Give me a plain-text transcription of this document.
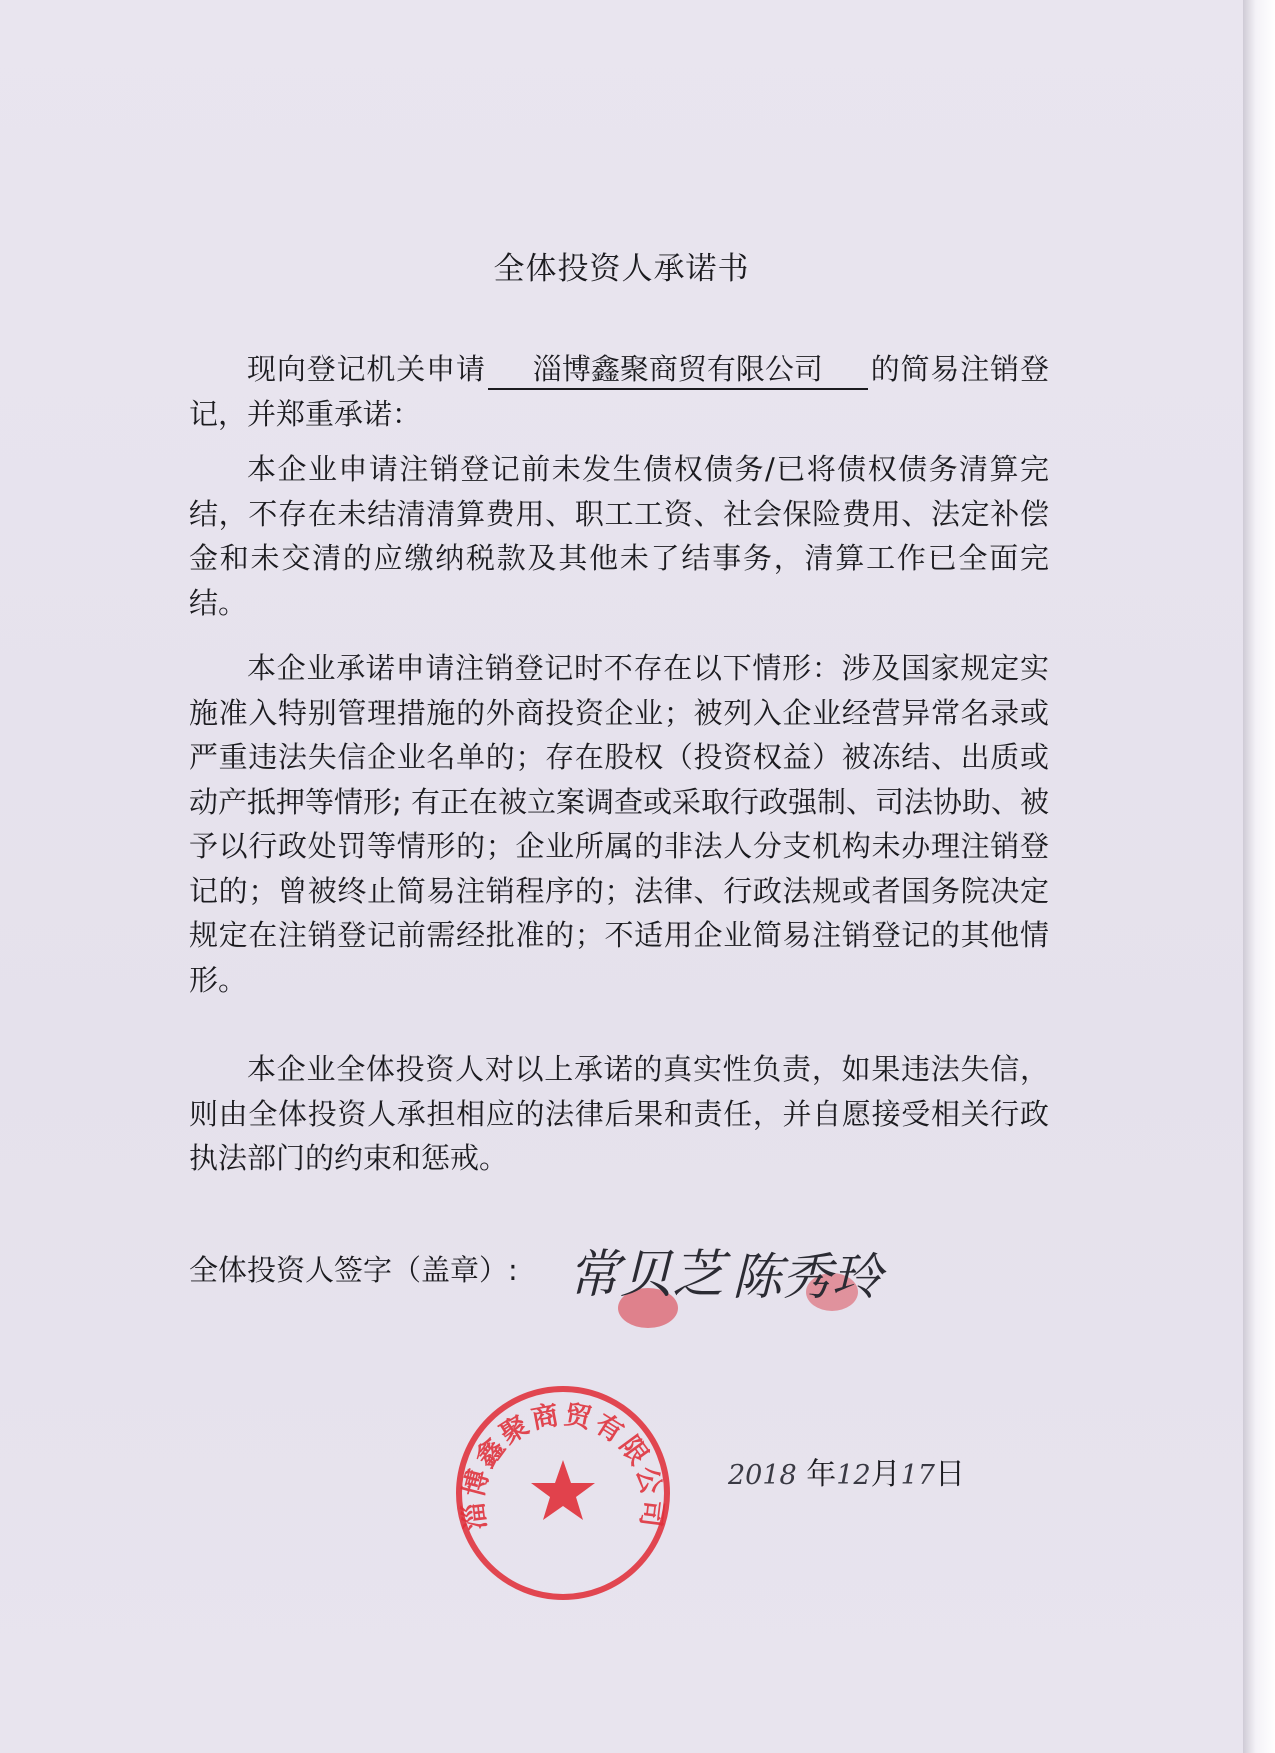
全体投资人承诺书

现向登记机关申请 淄博鑫聚商贸有限公司 的简易注销登记，并郑重承诺：

本企业申请注销登记前未发生债权债务/已将债权债务清算完结，不存在未结清清算费用、职工工资、社会保险费用、法定补偿金和未交清的应缴纳税款及其他未了结事务，清算工作已全面完结。

本企业承诺申请注销登记时不存在以下情形：涉及国家规定实施准入特别管理措施的外商投资企业；被列入企业经营异常名录或严重违法失信企业名单的；存在股权（投资权益）被冻结、出质或动产抵押等情形; 有正在被立案调查或采取行政强制、司法协助、被予以行政处罚等情形的；企业所属的非法人分支机构未办理注销登记的；曾被终止简易注销程序的；法律、行政法规或者国务院决定规定在注销登记前需经批准的；不适用企业简易注销登记的其他情形。

本企业全体投资人对以上承诺的真实性负责，如果违法失信，则由全体投资人承担相应的法律后果和责任，并自愿接受相关行政执法部门的约束和惩戒。

全体投资人签字（盖章）: 常贝芝 陈秀玲
淄博鑫聚商贸有限公司
2018 年12月17日
